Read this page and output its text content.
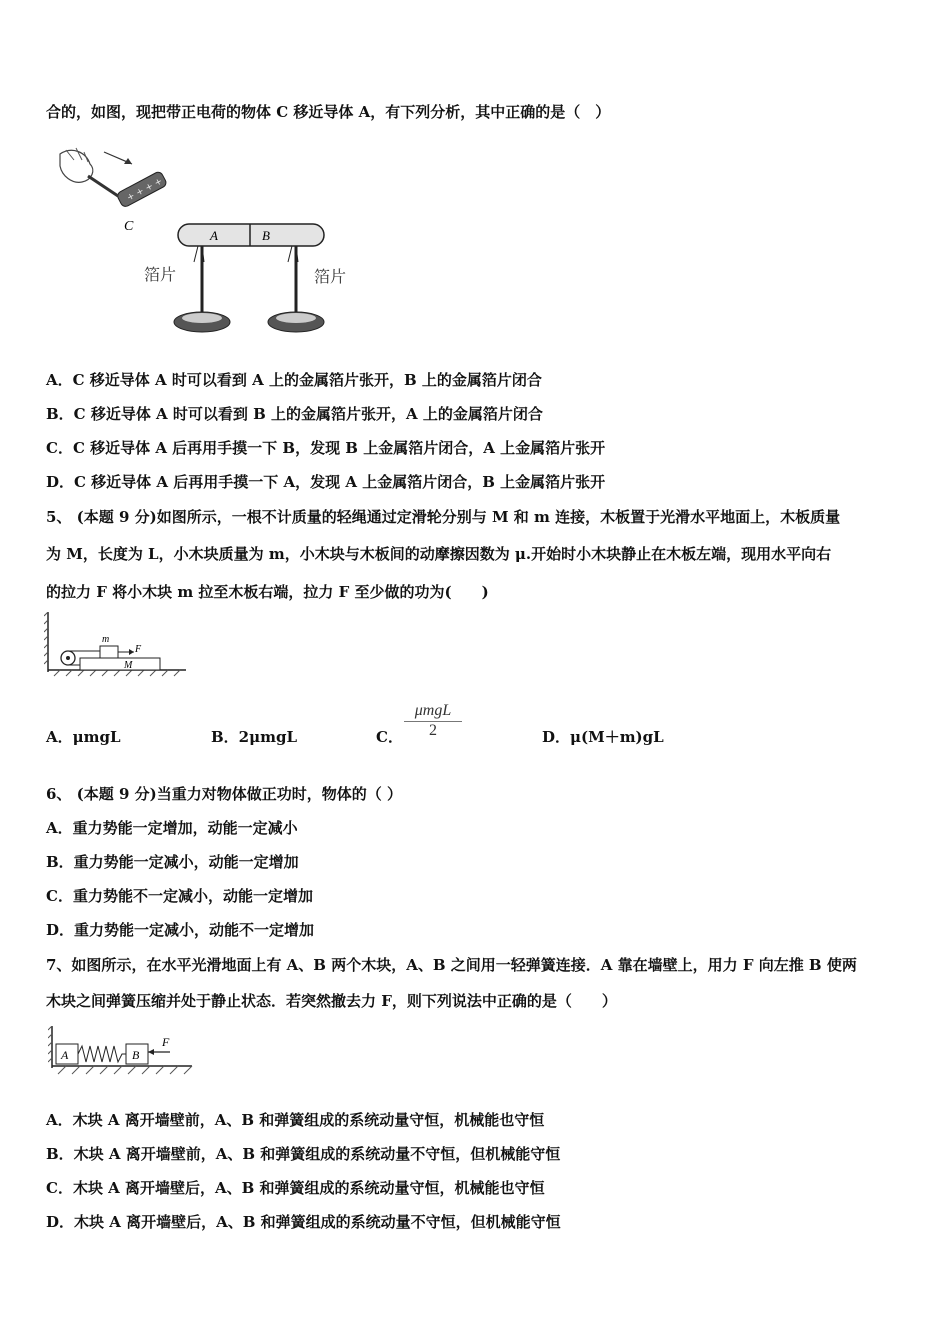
合的，如图，现把带正电荷的物体 C 移近导体 A，有下列分析，其中正确的是（　）
+ + + +
C
A	B
箔片	箔片
A．C 移近导体 A 时可以看到 A 上的金属箔片张开，B 上的金属箔片闭合
B．C 移近导体 A 时可以看到 B 上的金属箔片张开，A 上的金属箔片闭合
C．C 移近导体 A 后再用手摸一下 B，发现 B 上金属箔片闭合，A 上金属箔片张开
D．C 移近导体 A 后再用手摸一下 A，发现 A 上金属箔片闭合，B 上金属箔片张开
5、 (本题 9 分)如图所示，一根不计质量的轻绳通过定滑轮分别与 M 和 m 连接，木板置于光滑水平地面上，木板质量
为 M，长度为 L，小木块质量为 m，小木块与木板间的动摩擦因数为 μ.开始时小木块静止在木板左端，现用水平向右
的拉力 F 将小木块 m 拉至木板右端，拉力 F 至少做的功为(　　)
m
F
M
A．μmgL	B．2μmgL	C．
μmgL
2	D．μ(M＋m)gL
6、 (本题 9 分)当重力对物体做正功时，物体的（ ）
A．重力势能一定增加，动能一定减小
B．重力势能一定减小，动能一定增加
C．重力势能不一定减小，动能一定增加
D．重力势能一定减小，动能不一定增加
7、如图所示，在水平光滑地面上有 A、B 两个木块，A、B 之间用一轻弹簧连接．A 靠在墙壁上，用力 F 向左推 B 使两
木块之间弹簧压缩并处于静止状态．若突然撤去力 F，则下列说法中正确的是（　　）
A	B
F
A．木块 A 离开墙壁前，A、B 和弹簧组成的系统动量守恒，机械能也守恒
B．木块 A 离开墙壁前，A、B 和弹簧组成的系统动量不守恒，但机械能守恒
C．木块 A 离开墙壁后，A、B 和弹簧组成的系统动量守恒，机械能也守恒
D．木块 A 离开墙壁后，A、B 和弹簧组成的系统动量不守恒，但机械能守恒
